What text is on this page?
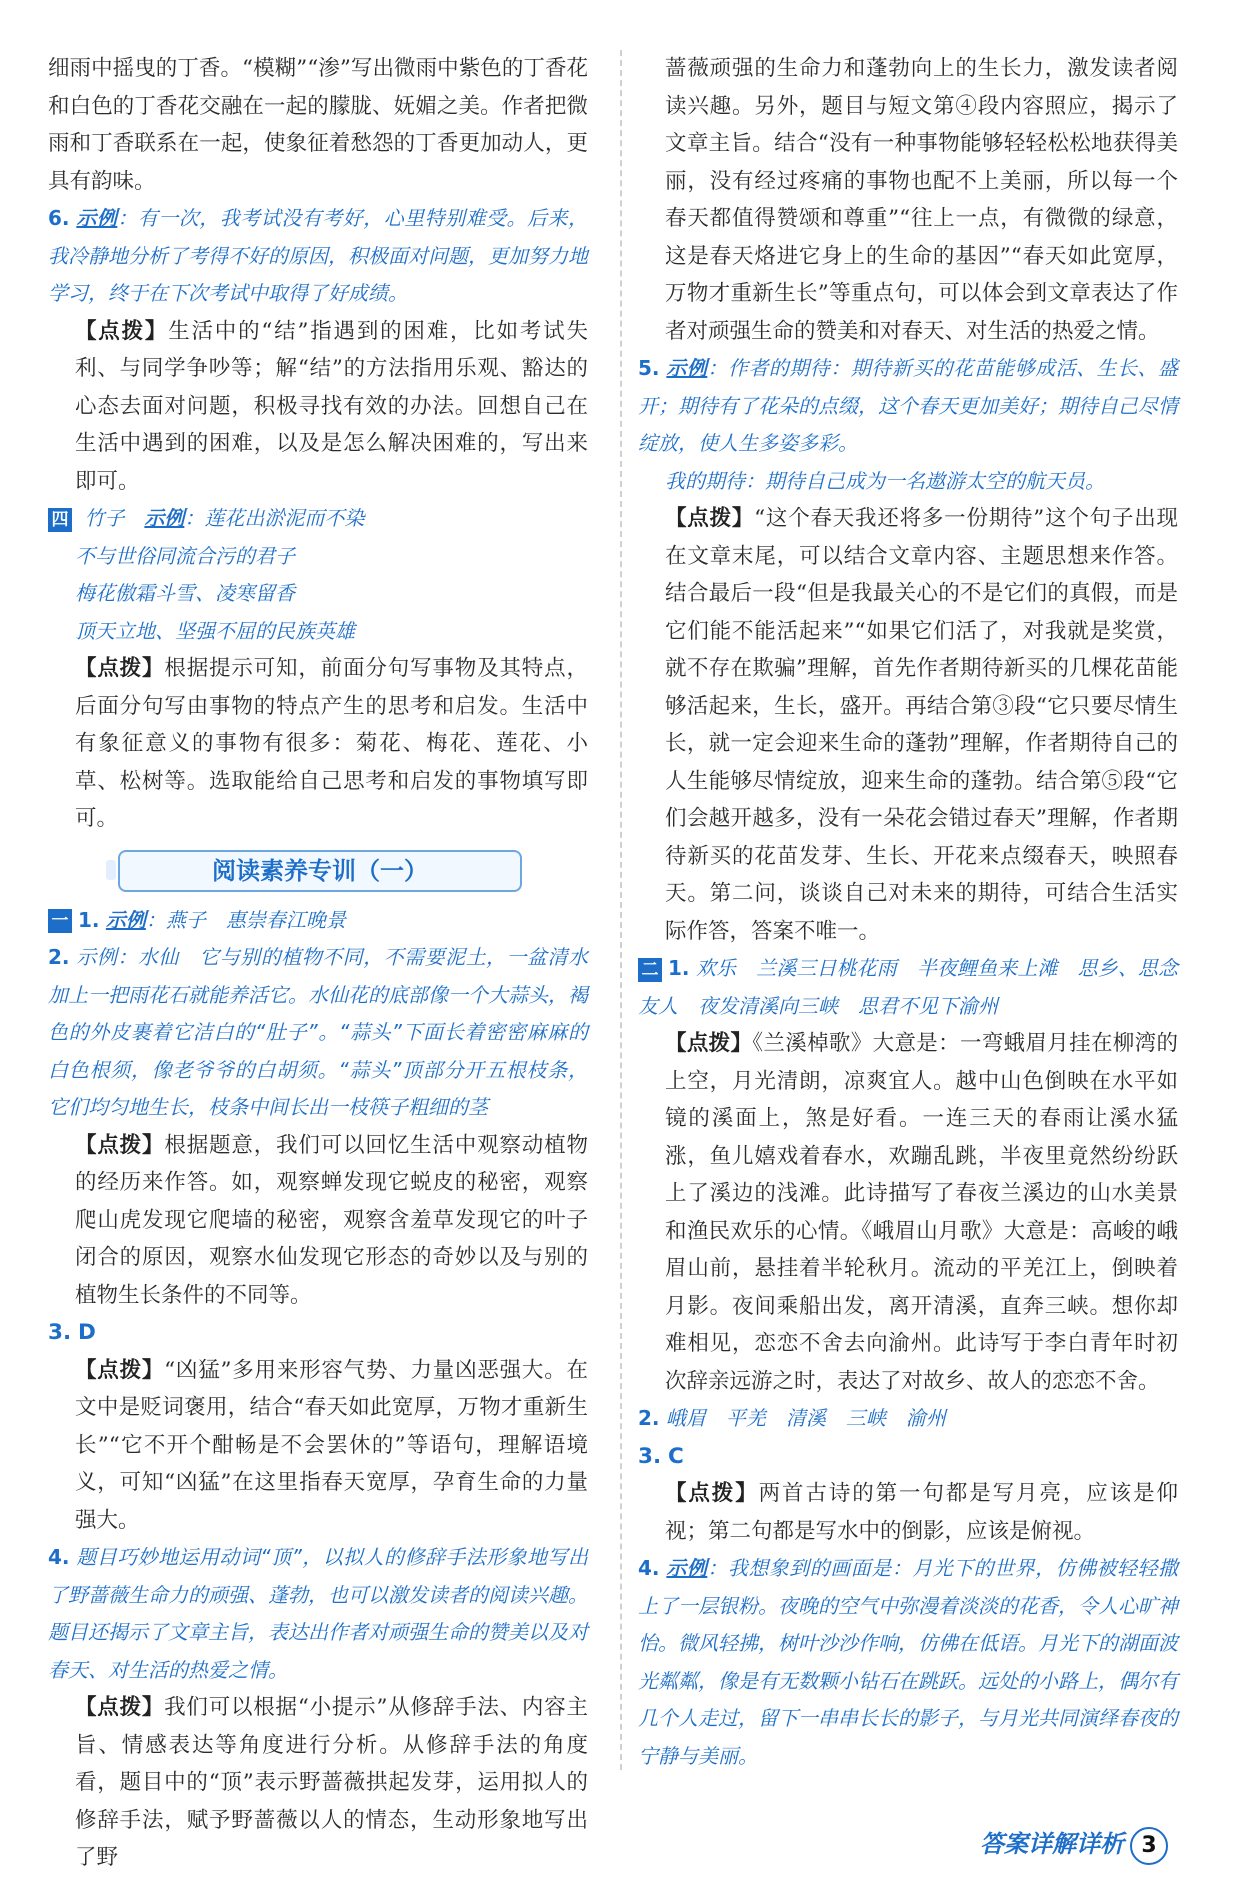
细雨中摇曳的丁香。“模糊”“渗”写出微雨中紫色的丁香花和白色的丁香花交融在一起的朦胧、妩媚之美。作者把微雨和丁香联系在一起，使象征着愁怨的丁香更加动人，更具有韵味。

6. 示例：有一次，我考试没有考好，心里特别难受。后来，我冷静地分析了考得不好的原因，积极面对问题，更加努力地学习，终于在下次考试中取得了好成绩。

【点拨】生活中的“结”指遇到的困难，比如考试失利、与同学争吵等；解“结”的方法指用乐观、豁达的心态去面对问题，积极寻找有效的办法。回想自己在生活中遇到的困难，以及是怎么解决困难的，写出来即可。

四 竹子　 示例：莲花出淤泥而不染

不与世俗同流合污的君子

梅花傲霜斗雪、凌寒留香

顶天立地、坚强不屈的民族英雄

【点拨】根据提示可知，前面分句写事物及其特点，后面分句写由事物的特点产生的思考和启发。生活中有象征意义的事物有很多：菊花、梅花、莲花、小草、松树等。选取能给自己思考和启发的事物填写即可。

阅读素养专训（一）

一 1. 示例：燕子　惠崇春江晚景

2. 示例：水仙　它与别的植物不同，不需要泥土，一盆清水加上一把雨花石就能养活它。水仙花的底部像一个大蒜头，褐色的外皮裹着它洁白的“肚子”。“蒜头”下面长着密密麻麻的白色根须，像老爷爷的白胡须。“蒜头”顶部分开五根枝条，它们均匀地生长，枝条中间长出一枝筷子粗细的茎

【点拨】根据题意，我们可以回忆生活中观察动植物的经历来作答。如，观察蝉发现它蜕皮的秘密，观察爬山虎发现它爬墙的秘密，观察含羞草发现它的叶子闭合的原因，观察水仙发现它形态的奇妙以及与别的植物生长条件的不同等。

3. D

【点拨】“凶猛”多用来形容气势、力量凶恶强大。在文中是贬词褒用，结合“春天如此宽厚，万物才重新生长”“它不开个酣畅是不会罢休的”等语句，理解语境义，可知“凶猛”在这里指春天宽厚，孕育生命的力量强大。

4. 题目巧妙地运用动词“顶”，以拟人的修辞手法形象地写出了野蔷薇生命力的顽强、蓬勃，也可以激发读者的阅读兴趣。题目还揭示了文章主旨，表达出作者对顽强生命的赞美以及对春天、对生活的热爱之情。

【点拨】我们可以根据“小提示”从修辞手法、内容主旨、情感表达等角度进行分析。从修辞手法的角度看，题目中的“顶”表示野蔷薇拱起发芽，运用拟人的修辞手法，赋予野蔷薇以人的情态，生动形象地写出了野

蔷薇顽强的生命力和蓬勃向上的生长力，激发读者阅读兴趣。另外，题目与短文第④段内容照应，揭示了文章主旨。结合“没有一种事物能够轻轻松松地获得美丽，没有经过疼痛的事物也配不上美丽，所以每一个春天都值得赞颂和尊重”“往上一点，有微微的绿意，这是春天烙进它身上的生命的基因”“春天如此宽厚，万物才重新生长”等重点句，可以体会到文章表达了作者对顽强生命的赞美和对春天、对生活的热爱之情。

5. 示例：作者的期待：期待新买的花苗能够成活、生长、盛开；期待有了花朵的点缀，这个春天更加美好；期待自己尽情绽放，使人生多姿多彩。

我的期待：期待自己成为一名遨游太空的航天员。

【点拨】“这个春天我还将多一份期待”这个句子出现在文章末尾，可以结合文章内容、主题思想来作答。结合最后一段“但是我最关心的不是它们的真假，而是它们能不能活起来”“如果它们活了，对我就是奖赏，就不存在欺骗”理解，首先作者期待新买的几棵花苗能够活起来，生长，盛开。再结合第③段“它只要尽情生长，就一定会迎来生命的蓬勃”理解，作者期待自己的人生能够尽情绽放，迎来生命的蓬勃。结合第⑤段“它们会越开越多，没有一朵花会错过春天”理解，作者期待新买的花苗发芽、生长、开花来点缀春天，映照春天。第二问，谈谈自己对未来的期待，可结合生活实际作答，答案不唯一。

二 1. 欢乐　兰溪三日桃花雨　半夜鲤鱼来上滩　思乡、思念友人　夜发清溪向三峡　思君不见下渝州

【点拨】《兰溪棹歌》大意是：一弯蛾眉月挂在柳湾的上空，月光清朗，凉爽宜人。越中山色倒映在水平如镜的溪面上，煞是好看。一连三天的春雨让溪水猛涨，鱼儿嬉戏着春水，欢蹦乱跳，半夜里竟然纷纷跃上了溪边的浅滩。此诗描写了春夜兰溪边的山水美景和渔民欢乐的心情。《峨眉山月歌》大意是：高峻的峨眉山前，悬挂着半轮秋月。流动的平羌江上，倒映着月影。夜间乘船出发，离开清溪，直奔三峡。想你却难相见，恋恋不舍去向渝州。此诗写于李白青年时初次辞亲远游之时，表达了对故乡、故人的恋恋不舍。

2. 峨眉　平羌　清溪　三峡　渝州

3. C

【点拨】两首古诗的第一句都是写月亮，应该是仰视；第二句都是写水中的倒影，应该是俯视。

4. 示例：我想象到的画面是：月光下的世界，仿佛被轻轻撒上了一层银粉。夜晚的空气中弥漫着淡淡的花香，令人心旷神怡。微风轻拂，树叶沙沙作响，仿佛在低语。月光下的湖面波光粼粼，像是有无数颗小钻石在跳跃。远处的小路上，偶尔有几个人走过，留下一串串长长的影子，与月光共同演绎春夜的宁静与美丽。

答案详解详析 3
